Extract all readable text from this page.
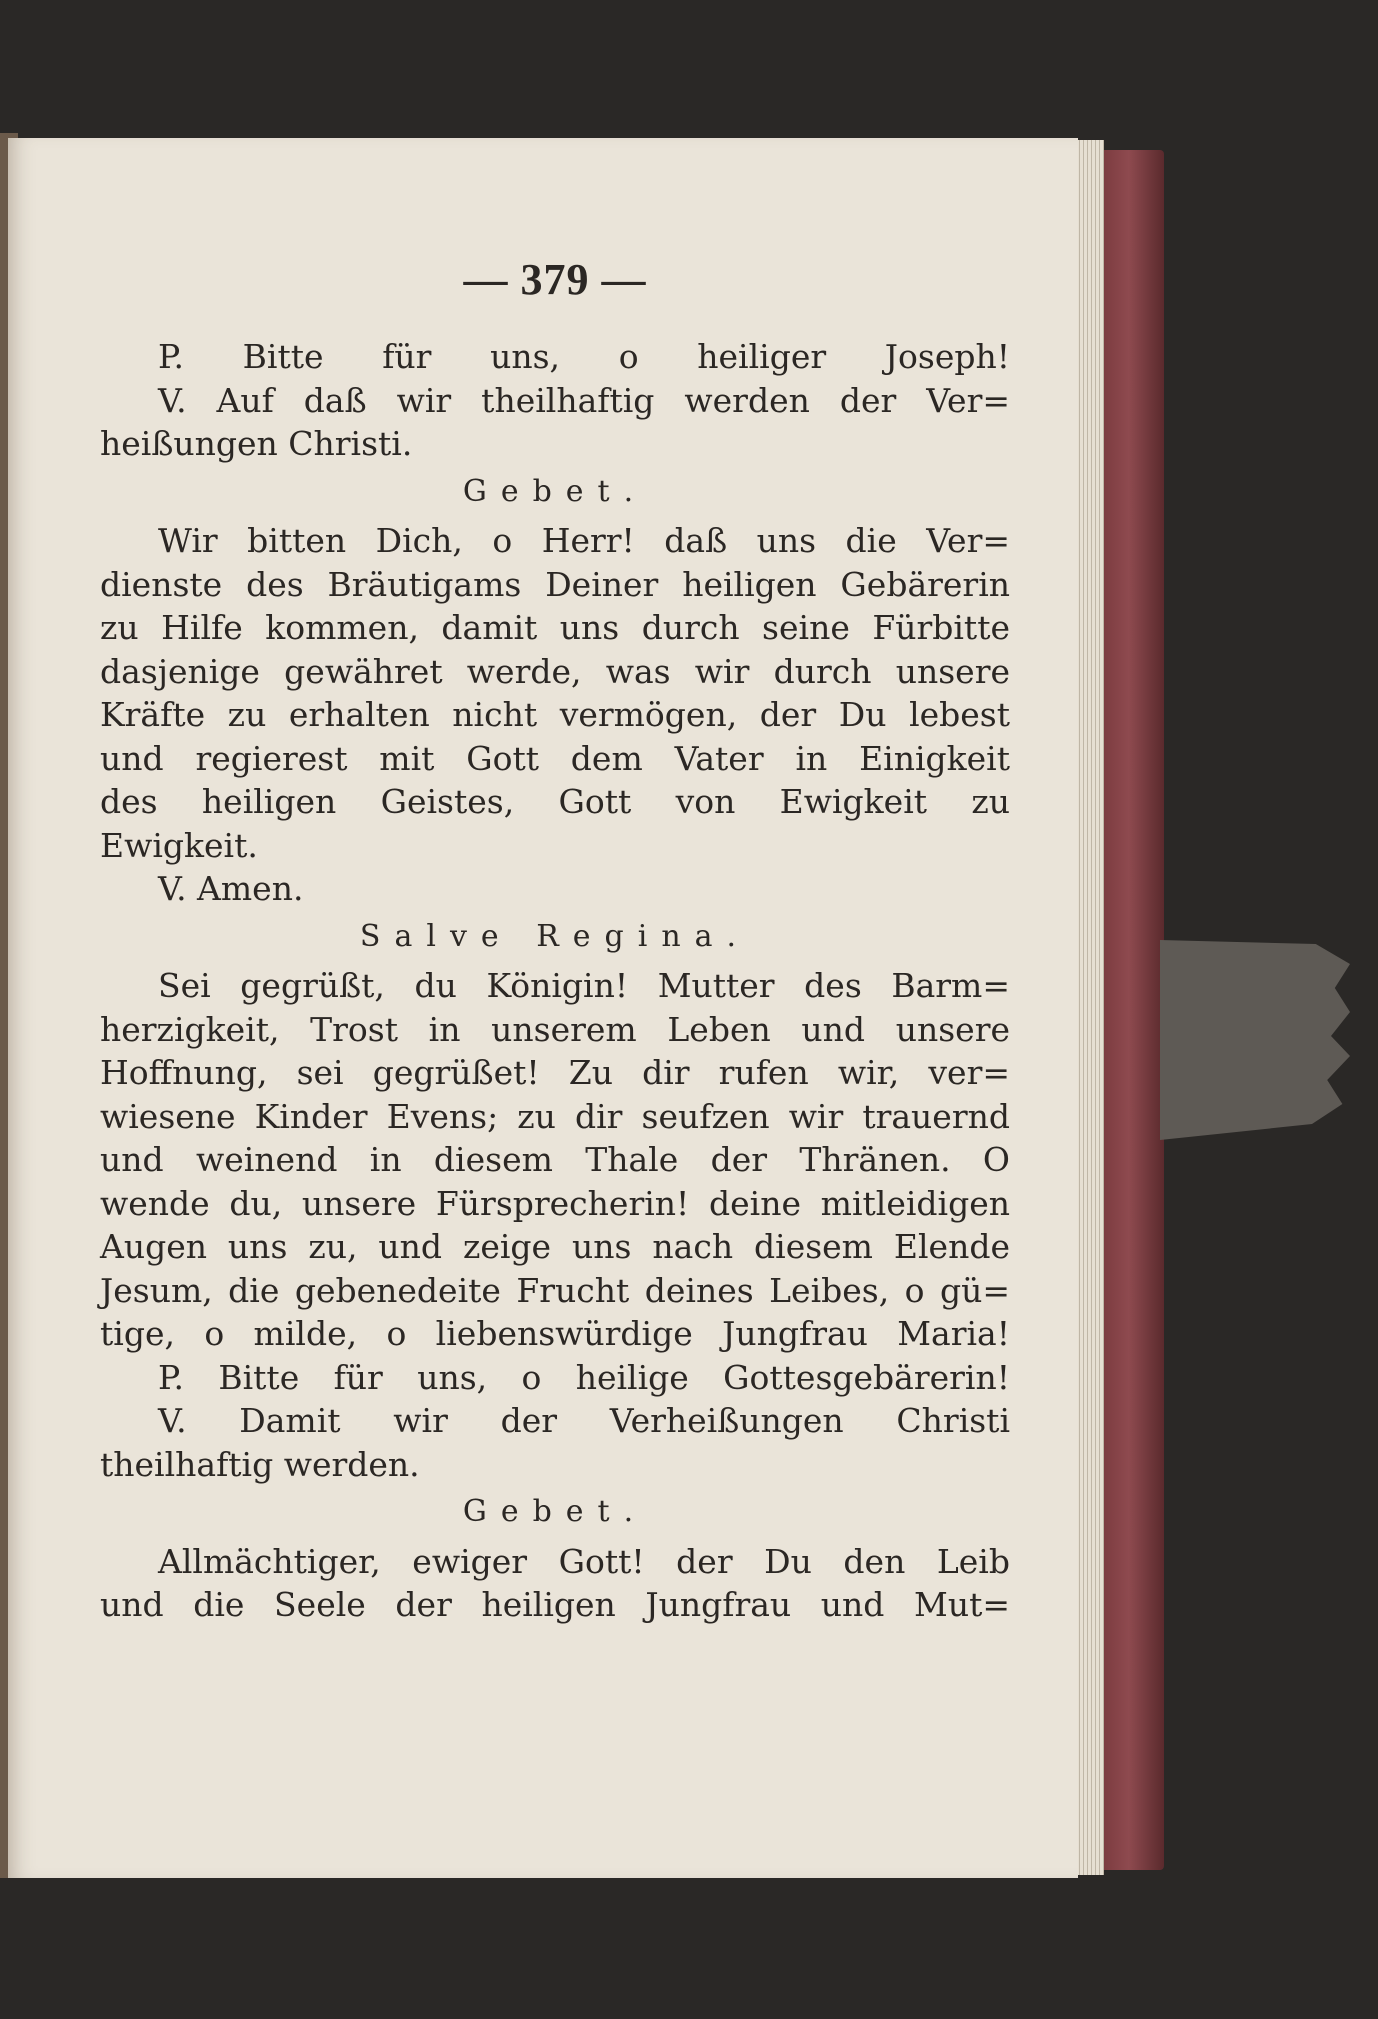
— 379 —

P. Bitte für uns, o heiliger Joseph!

V. Auf daß wir theilhaftig werden der Ver=

heißungen Christi.

Gebet.

Wir bitten Dich, o Herr! daß uns die Ver=

dienste des Bräutigams Deiner heiligen Gebärerin

zu Hilfe kommen, damit uns durch seine Fürbitte

dasjenige gewähret werde, was wir durch unsere

Kräfte zu erhalten nicht vermögen, der Du lebest

und regierest mit Gott dem Vater in Einigkeit

des heiligen Geistes, Gott von Ewigkeit zu

Ewigkeit.

V. Amen.

Salve Regina.

Sei gegrüßt, du Königin! Mutter des Barm=

herzigkeit, Trost in unserem Leben und unsere

Hoffnung, sei gegrüßet! Zu dir rufen wir, ver=

wiesene Kinder Evens; zu dir seufzen wir trauernd

und weinend in diesem Thale der Thränen. O

wende du, unsere Fürsprecherin! deine mitleidigen

Augen uns zu, und zeige uns nach diesem Elende

Jesum, die gebenedeite Frucht deines Leibes, o gü=

tige, o milde, o liebenswürdige Jungfrau Maria!

P. Bitte für uns, o heilige Gottesgebärerin!

V. Damit wir der Verheißungen Christi

theilhaftig werden.

Gebet.

Allmächtiger, ewiger Gott! der Du den Leib

und die Seele der heiligen Jungfrau und Mut=
